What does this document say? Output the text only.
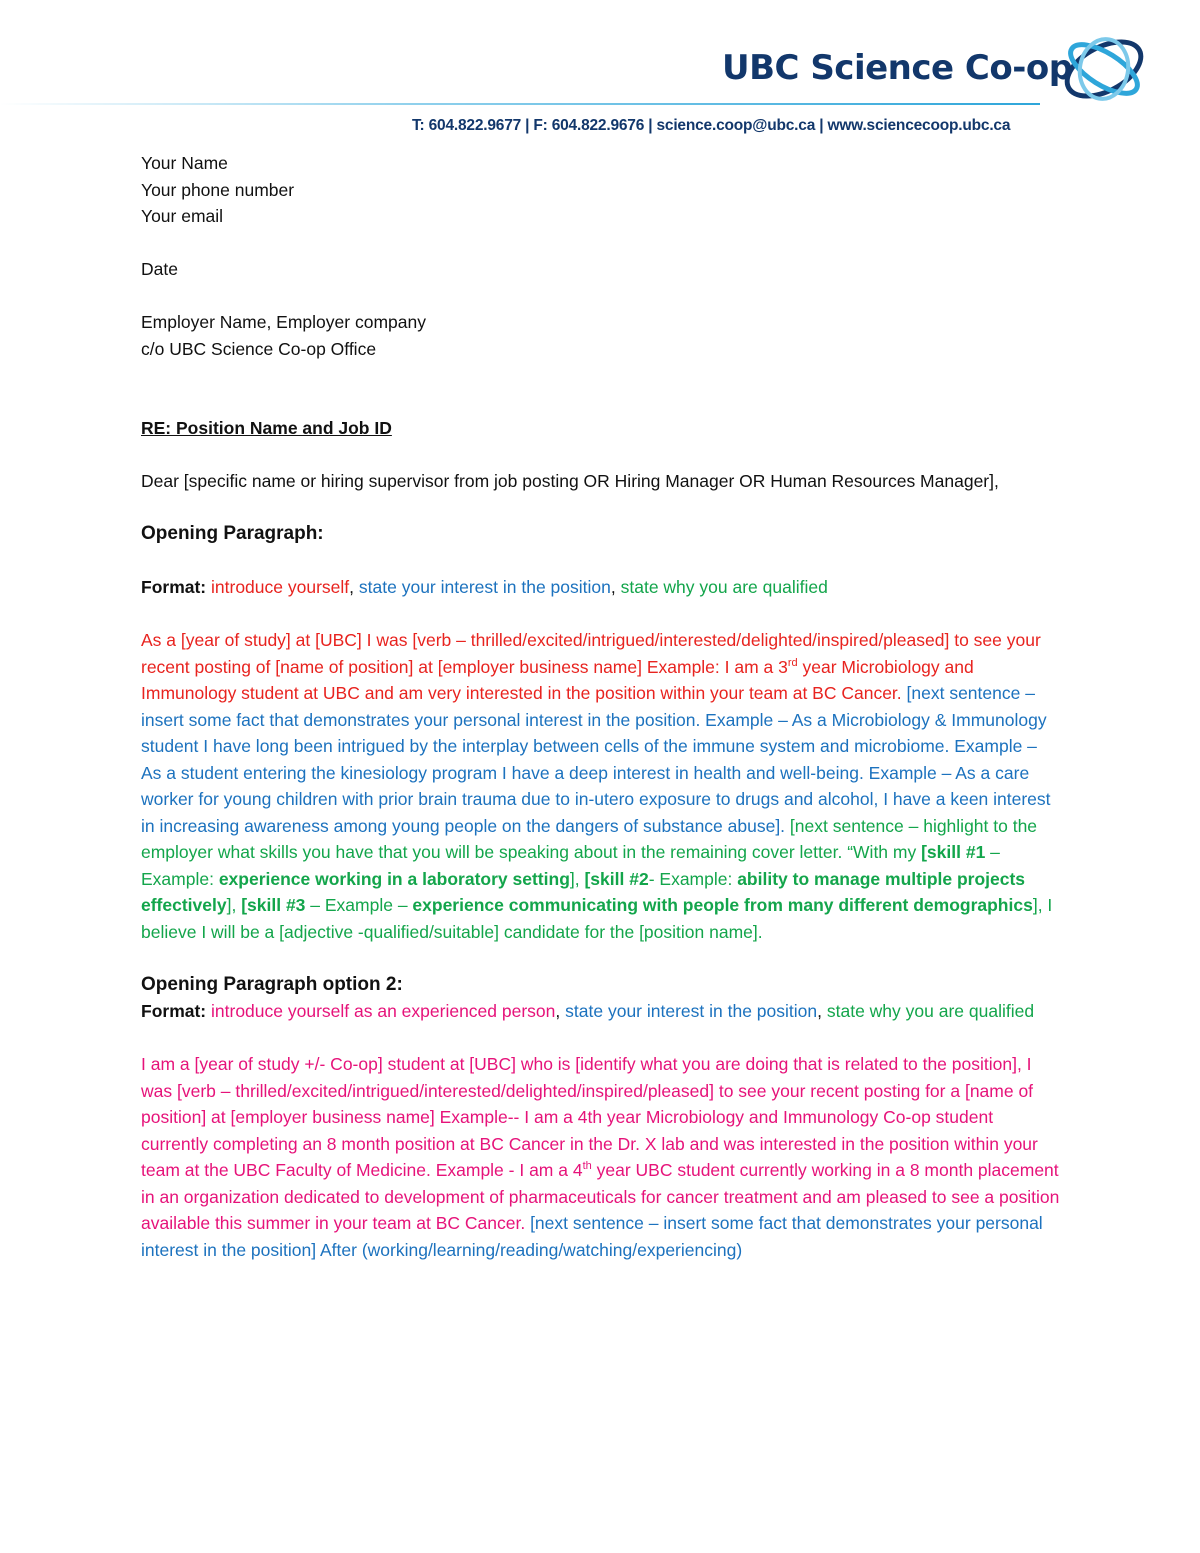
UBC Science Co-op
T: 604.822.9677 | F: 604.822.9676 | science.coop@ubc.ca | www.sciencecoop.ubc.ca

Your Name

Your phone number

Your email

Date

Employer Name, Employer company

c/o UBC Science Co-op Office

RE: Position Name and Job ID

Dear [specific name or hiring supervisor from job posting OR Hiring Manager OR Human Resources Manager],

Opening Paragraph:

Format: introduce yourself, state your interest in the position, state why you are qualified

As a [year of study] at [UBC] I was [verb – thrilled/excited/intrigued/interested/delighted/inspired/pleased] to see your recent posting of [name of position] at [employer business name] Example: I am a 3rd year Microbiology and Immunology student at UBC and am very interested in the position within your team at BC Cancer. [next sentence – insert some fact that demonstrates your personal interest in the position. Example – As a Microbiology & Immunology student I have long been intrigued by the interplay between cells of the immune system and microbiome. Example – As a student entering the kinesiology program I have a deep interest in health and well-being. Example – As a care worker for young children with prior brain trauma due to in-utero exposure to drugs and alcohol, I have a keen interest in increasing awareness among young people on the dangers of substance abuse]. [next sentence – highlight to the employer what skills you have that you will be speaking about in the remaining cover letter. “With my [skill #1 – Example: experience working in a laboratory setting], [skill #2- Example: ability to manage multiple projects effectively], [skill #3 – Example – experience communicating with people from many different demographics], I believe I will be a [adjective -qualified/suitable] candidate for the [position name].

Opening Paragraph option 2:

Format: introduce yourself as an experienced person, state your interest in the position, state why you are qualified

I am a [year of study +/- Co-op] student at [UBC] who is [identify what you are doing that is related to the position], I was [verb – thrilled/excited/intrigued/interested/delighted/inspired/pleased] to see your recent posting for a [name of position] at [employer business name] Example-- I am a 4th year Microbiology and Immunology Co-op student currently completing an 8 month position at BC Cancer in the Dr. X lab and was interested in the position within your team at the UBC Faculty of Medicine. Example - I am a 4th year UBC student currently working in a 8 month placement in an organization dedicated to development of pharmaceuticals for cancer treatment and am pleased to see a position available this summer in your team at BC Cancer. [next sentence – insert some fact that demonstrates your personal interest in the position] After (working/learning/reading/watching/experiencing)
